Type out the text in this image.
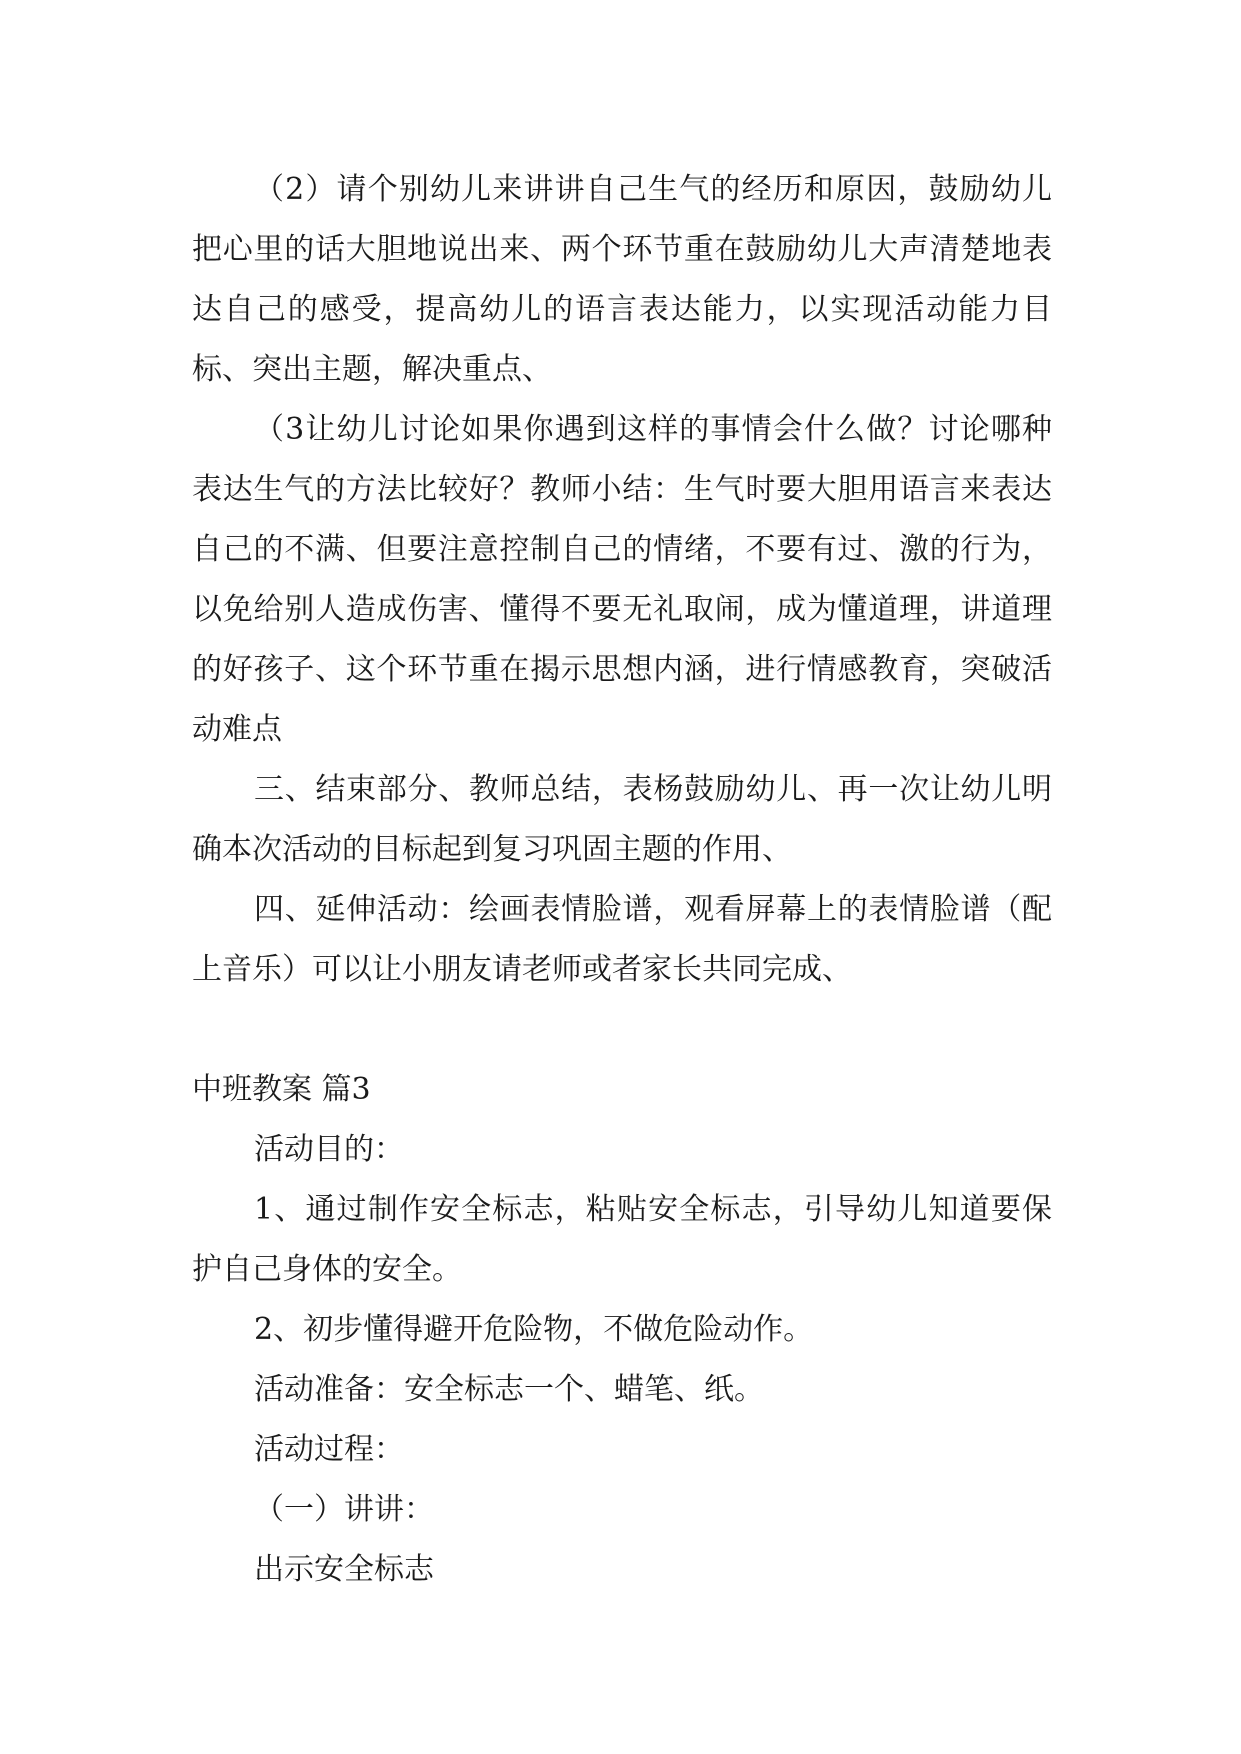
（2）请个别幼儿来讲讲自己生气的经历和原因，鼓励幼儿把心里的话大胆地说出来、两个环节重在鼓励幼儿大声清楚地表达自己的感受，提高幼儿的语言表达能力，以实现活动能力目标、突出主题，解决重点、

（3让幼儿讨论如果你遇到这样的事情会什么做？讨论哪种表达生气的方法比较好？教师小结：生气时要大胆用语言来表达自己的不满、但要注意控制自己的情绪，不要有过、激的行为，以免给别人造成伤害、懂得不要无礼取闹，成为懂道理，讲道理的好孩子、这个环节重在揭示思想内涵，进行情感教育，突破活动难点

三、结束部分、教师总结，表杨鼓励幼儿、再一次让幼儿明确本次活动的目标起到复习巩固主题的作用、

四、延伸活动：绘画表情脸谱，观看屏幕上的表情脸谱（配上音乐）可以让小朋友请老师或者家长共同完成、

中班教案 篇3

活动目的：

1、通过制作安全标志，粘贴安全标志，引导幼儿知道要保护自己身体的安全。

2、初步懂得避开危险物，不做危险动作。

活动准备：安全标志一个、蜡笔、纸。

活动过程：

（一）讲讲：

出示安全标志
